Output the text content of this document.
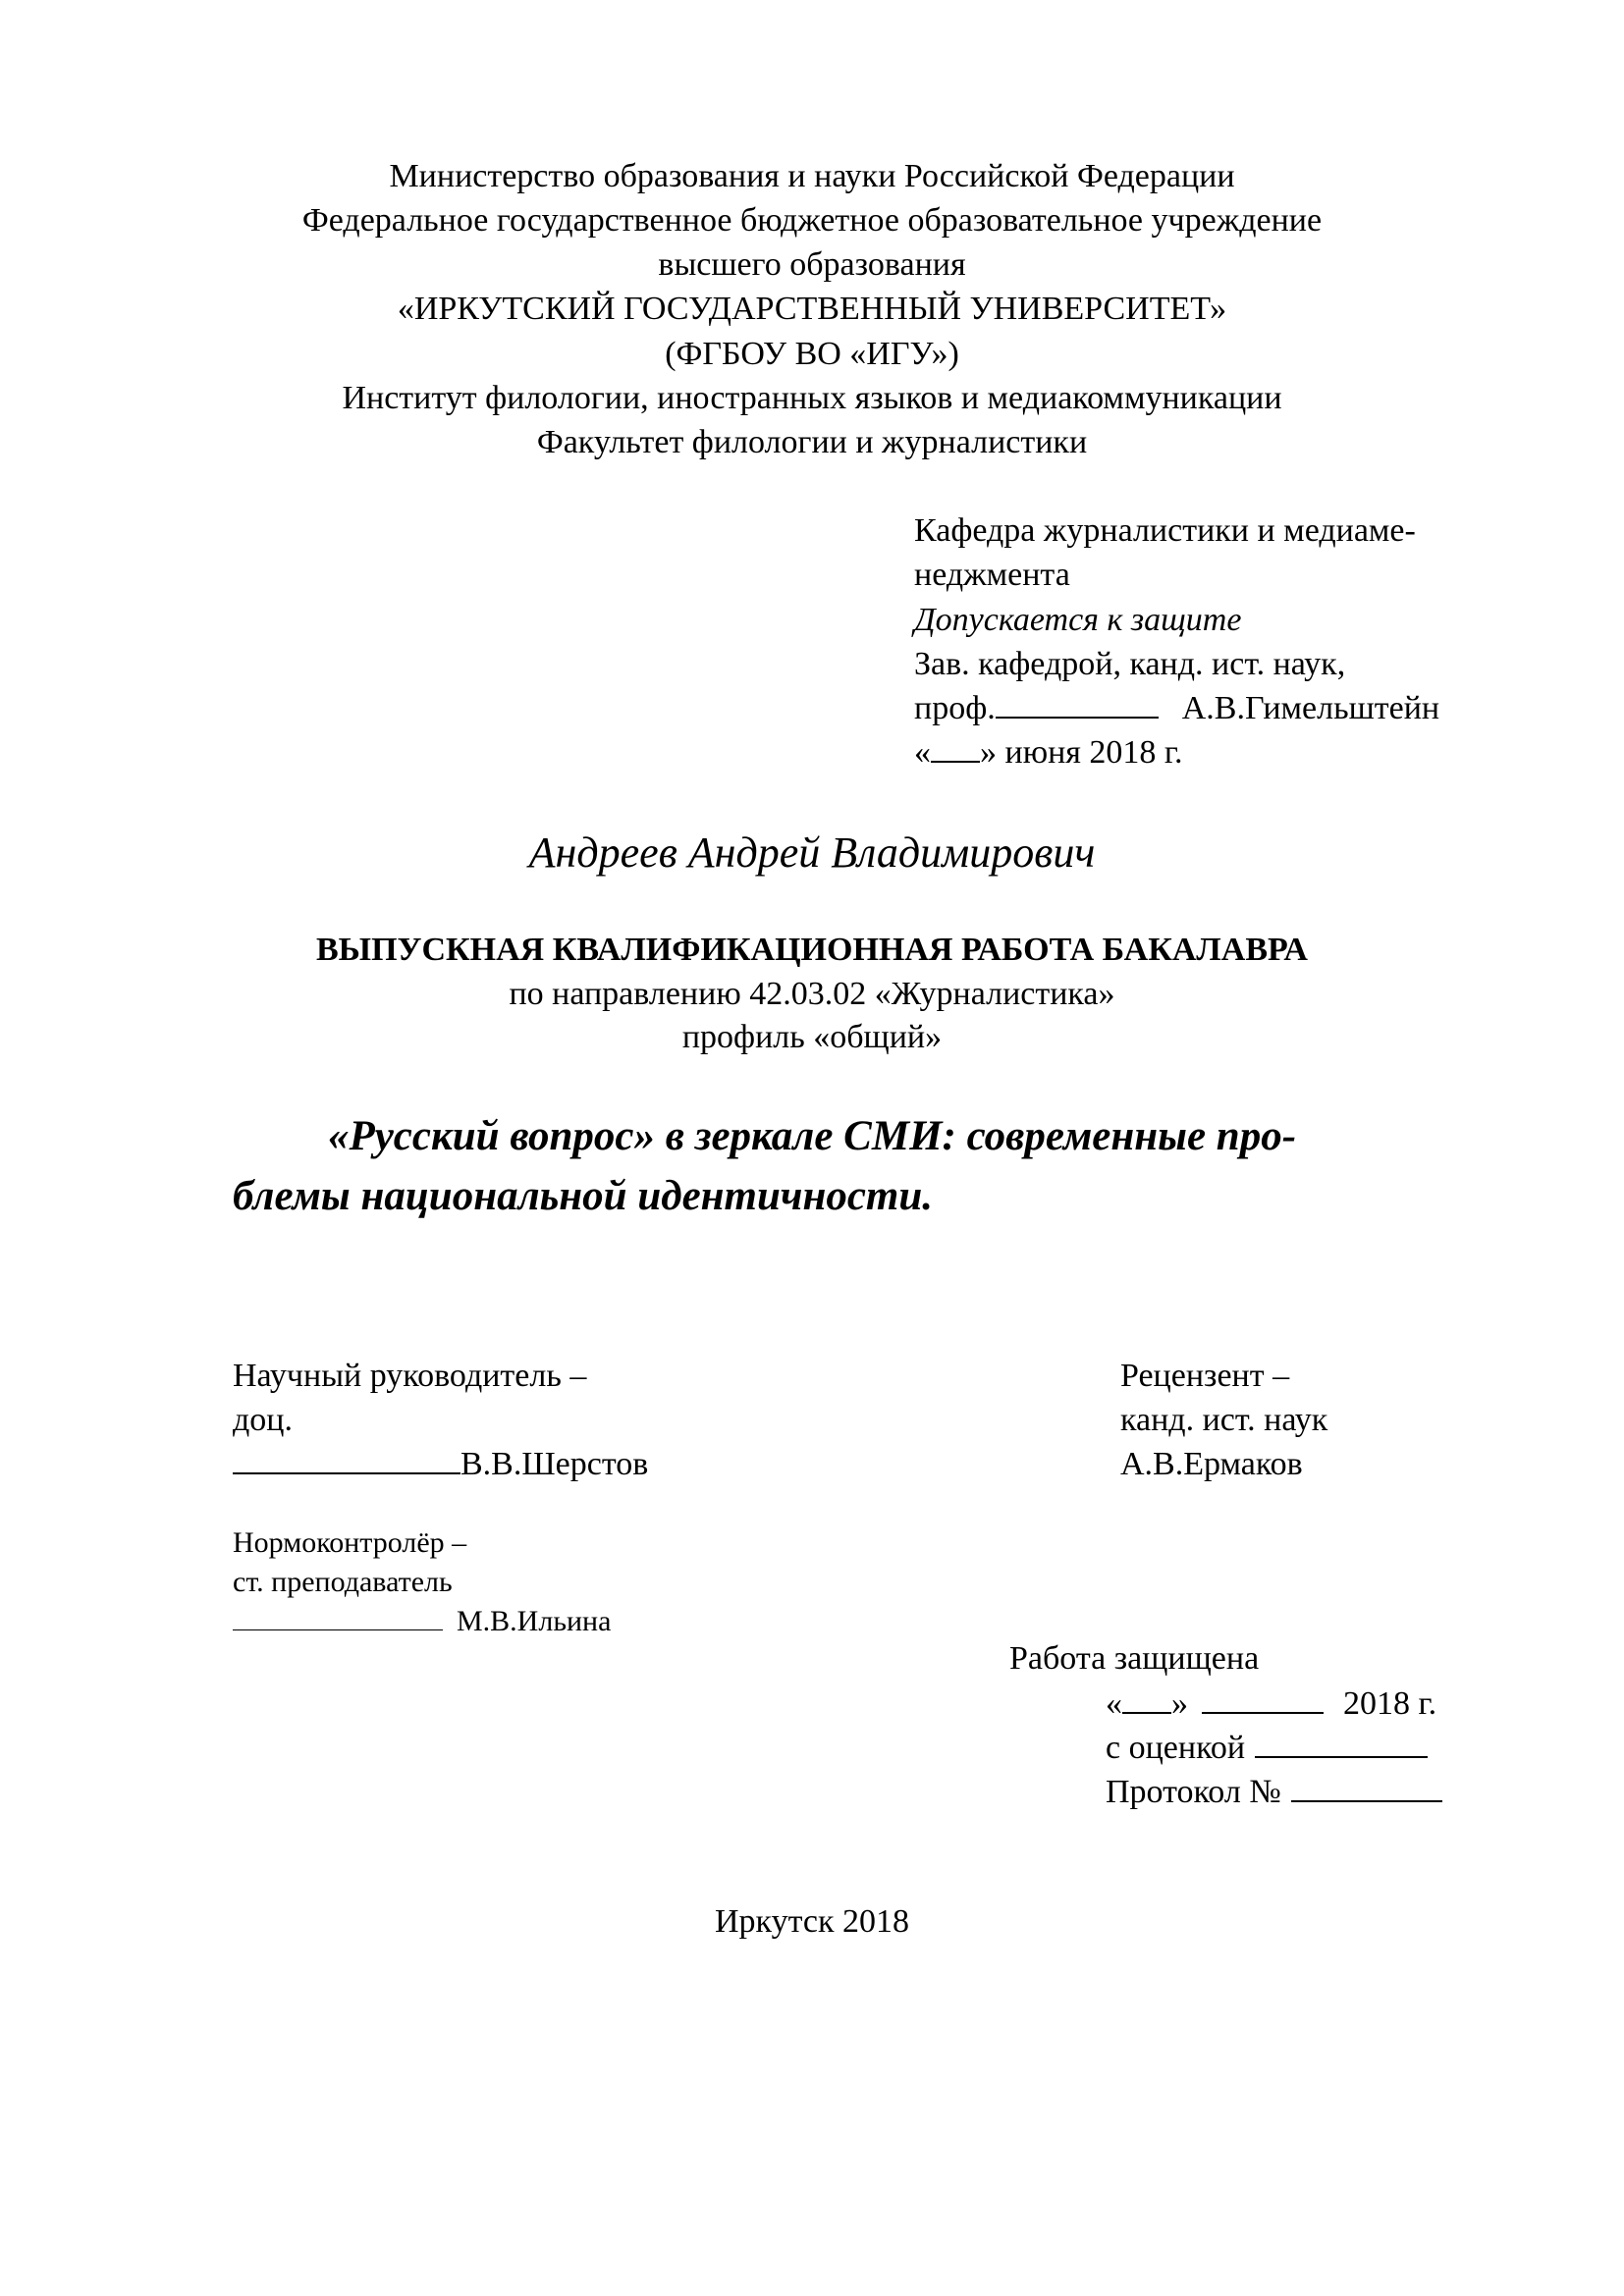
Министерство образования и науки Российской Федерации
Федеральное государственное бюджетное образовательное учреждение
высшего образования
«ИРКУТСКИЙ ГОСУДАРСТВЕННЫЙ УНИВЕРСИТЕТ»
(ФГБОУ ВО «ИГУ»)
Институт филологии, иностранных языков и медиакоммуникации
Факультет филологии и журналистики
Кафедра журналистики и медиаме-
неджмента
Допускается к защите
Зав. кафедрой, канд. ист. наук,
проф.	А.В.Гимельштейн
« » июня 2018 г.
Андреев Андрей Владимирович
ВЫПУСКНАЯ КВАЛИФИКАЦИОННАЯ РАБОТА БАКАЛАВРА
по направлению 42.03.02 «Журналистика»
профиль «общий»
«Русский вопрос» в зеркале СМИ: современные про-
блемы национальной идентичности.
Научный руководитель –
доц.
В.В.Шерстов
Рецензент –
канд. ист. наук
А.В.Ермаков
Нормоконтролёр –
ст. преподаватель
М.В.Ильина
Работа защищена
« »	2018 г.
с оценкой
Протокол №
Иркутск 2018
